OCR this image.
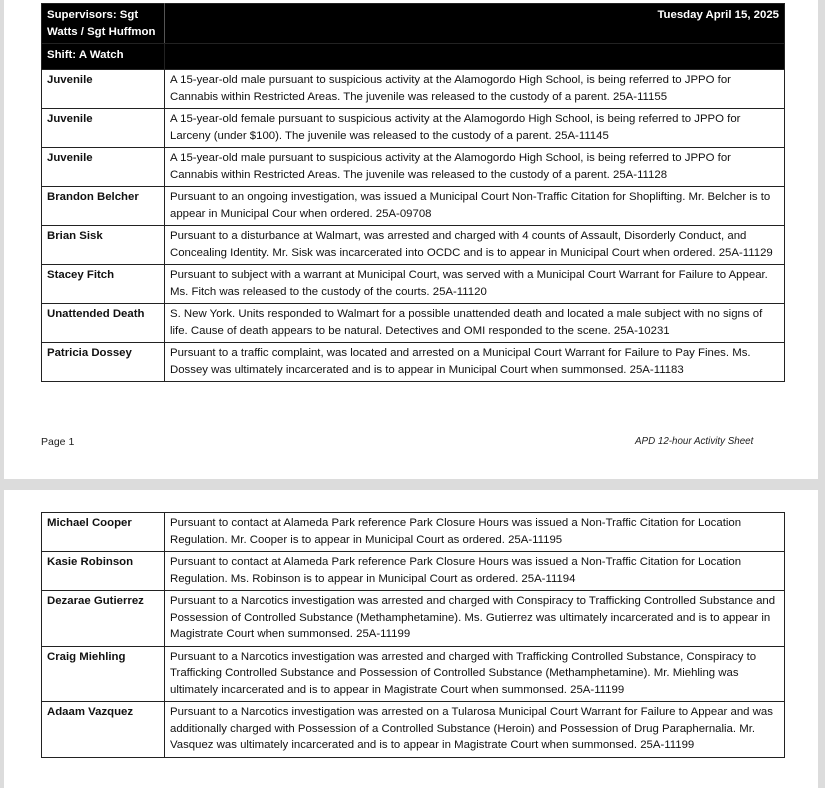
Supervisors: Sgt Watts / Sgt Huffmon	Tuesday April 15, 2025
Shift: A Watch	
Juvenile	A 15-year-old male pursuant to suspicious activity at the Alamogordo High School, is being referred to JPPO for Cannabis within Restricted Areas. The juvenile was released to the custody of a parent. 25A-11155
Juvenile	A 15-year-old female pursuant to suspicious activity at the Alamogordo High School, is being referred to JPPO for Larceny (under $100). The juvenile was released to the custody of a parent. 25A-11145
Juvenile	A 15-year-old male pursuant to suspicious activity at the Alamogordo High School, is being referred to JPPO for Cannabis within Restricted Areas. The juvenile was released to the custody of a parent. 25A-11128
Brandon Belcher	Pursuant to an ongoing investigation, was issued a Municipal Court Non-Traffic Citation for Shoplifting. Mr. Belcher is to appear in Municipal Cour when ordered. 25A-09708
Brian Sisk	Pursuant to a disturbance at Walmart, was arrested and charged with 4 counts of Assault, Disorderly Conduct, and Concealing Identity. Mr. Sisk was incarcerated into OCDC and is to appear in Municipal Court when ordered. 25A-11129
Stacey Fitch	Pursuant to subject with a warrant at Municipal Court, was served with a Municipal Court Warrant for Failure to Appear. Ms. Fitch was released to the custody of the courts. 25A-11120
Unattended Death	S. New York. Units responded to Walmart for a possible unattended death and located a male subject with no signs of life. Cause of death appears to be natural. Detectives and OMI responded to the scene. 25A-10231
Patricia Dossey	Pursuant to a traffic complaint, was located and arrested on a Municipal Court Warrant for Failure to Pay Fines. Ms. Dossey was ultimately incarcerated and is to appear in Municipal Court when summonsed. 25A-11183
Page 1	APD 12-hour Activity Sheet
Michael Cooper	Pursuant to contact at Alameda Park reference Park Closure Hours was issued a Non-Traffic Citation for Location Regulation. Mr. Cooper is to appear in Municipal Court as ordered. 25A-11195
Kasie Robinson	Pursuant to contact at Alameda Park reference Park Closure Hours was issued a Non-Traffic Citation for Location Regulation. Ms. Robinson is to appear in Municipal Court as ordered. 25A-11194
Dezarae Gutierrez	Pursuant to a Narcotics investigation was arrested and charged with Conspiracy to Trafficking Controlled Substance and Possession of Controlled Substance (Methamphetamine). Ms. Gutierrez was ultimately incarcerated and is to appear in Magistrate Court when summonsed. 25A-11199
Craig Miehling	Pursuant to a Narcotics investigation was arrested and charged with Trafficking Controlled Substance, Conspiracy to Trafficking Controlled Substance and Possession of Controlled Substance (Methamphetamine). Mr. Miehling was ultimately incarcerated and is to appear in Magistrate Court when summonsed. 25A-11199
Adaam Vazquez	Pursuant to a Narcotics investigation was arrested on a Tularosa Municipal Court Warrant for Failure to Appear and was additionally charged with Possession of a Controlled Substance (Heroin) and Possession of Drug Paraphernalia. Mr. Vasquez was ultimately incarcerated and is to appear in Magistrate Court when summonsed. 25A-11199
